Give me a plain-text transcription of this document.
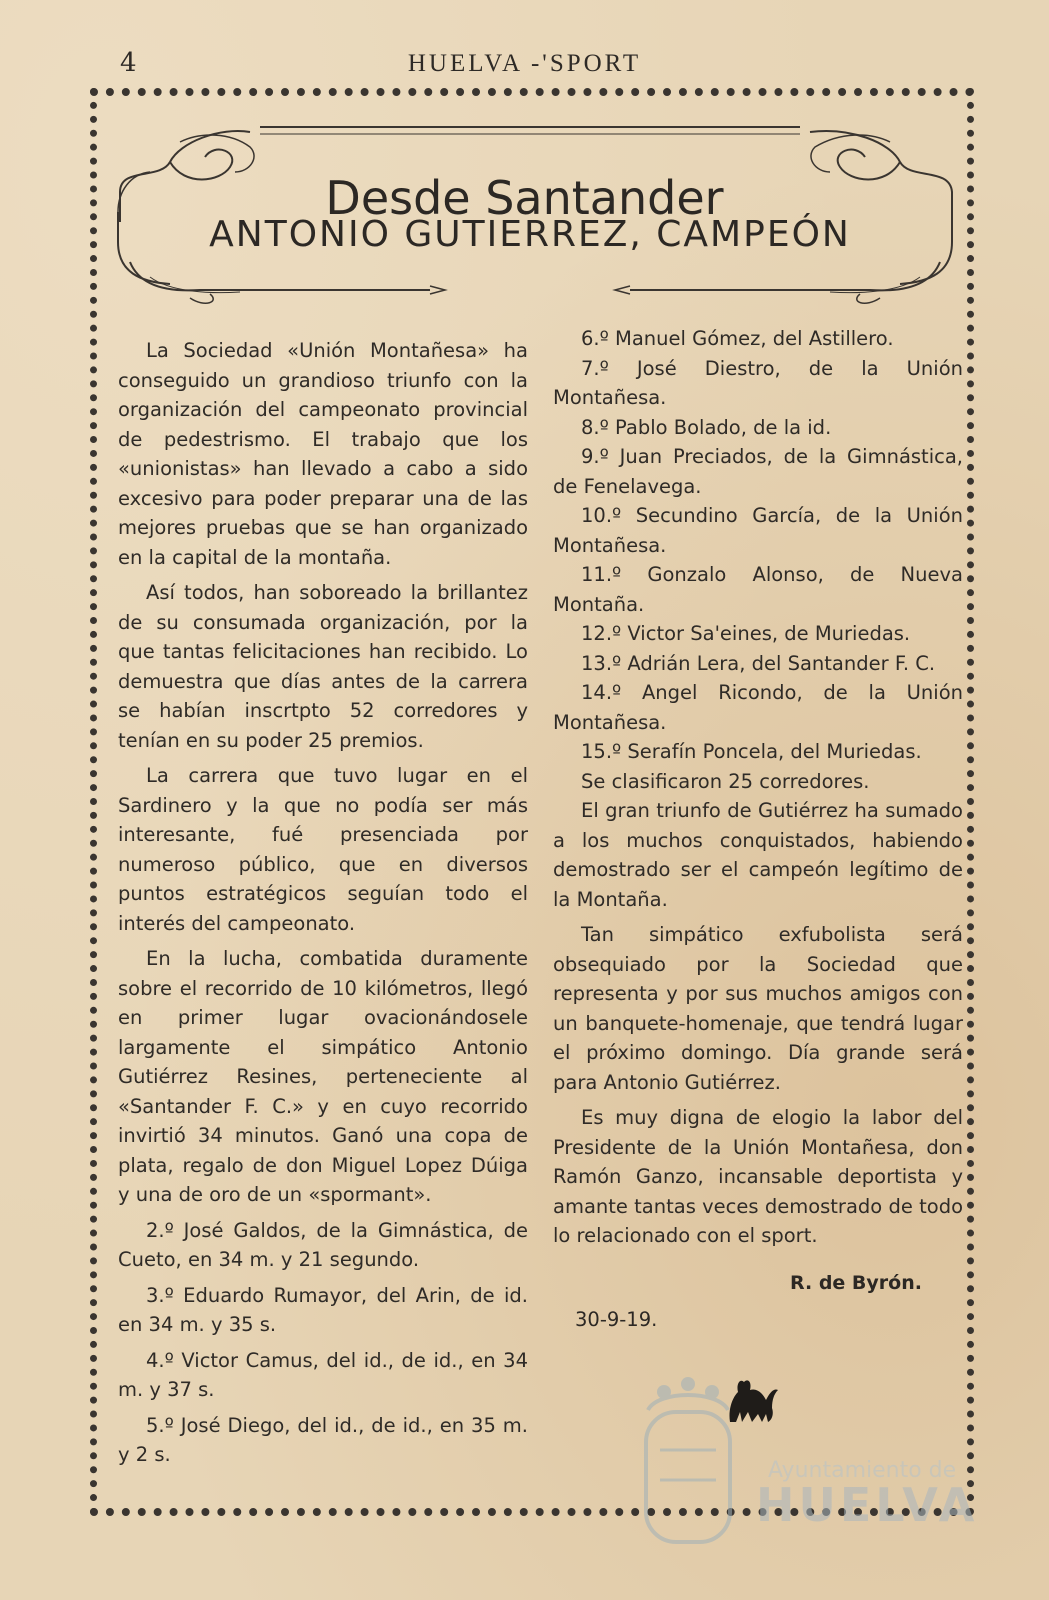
4	HUELVA -'SPORT
Desde Santander
ANTONIO GUTIERREZ, CAMPEÓN

La Sociedad «Unión Montañesa» ha conseguido un grandioso triunfo con la organización del campeonato provincial de pedestrismo. El trabajo que los «unionistas» han llevado a cabo a sido excesivo para poder preparar una de las mejores pruebas que se han organizado en la capital de la montaña.

Así todos, han soboreado la brillantez de su consumada organización, por la que tantas felicitaciones han recibido. Lo demuestra que días antes de la carrera se habían inscrtpto 52 corredores y tenían en su poder 25 premios.

La carrera que tuvo lugar en el Sardinero y la que no podía ser más interesante, fué presenciada por numeroso público, que en diversos puntos estratégicos seguían todo el interés del campeonato.

En la lucha, combatida duramente sobre el recorrido de 10 kilómetros, llegó en primer lugar ovacionándosele largamente el simpático Antonio Gutiérrez Resines, perteneciente al «Santander F. C.» y en cuyo recorrido invirtió 34 minutos. Ganó una copa de plata, regalo de don Miguel Lopez Dúiga y una de oro de un «spormant».

2.º José Galdos, de la Gimnástica, de Cueto, en 34 m. y 21 segundo.

3.º Eduardo Rumayor, del Arin, de id. en 34 m. y 35 s.

4.º Victor Camus, del id., de id., en 34 m. y 37 s.

5.º José Diego, del id., de id., en 35 m. y 2 s.

6.º Manuel Gómez, del Astillero.

7.º José Diestro, de la Unión Montañesa.

8.º Pablo Bolado, de la id.

9.º Juan Preciados, de la Gimnástica, de Fenelavega.

10.º Secundino García, de la Unión Montañesa.

11.º Gonzalo Alonso, de Nueva Montaña.

12.º Victor Sa'eines, de Muriedas.

13.º Adrián Lera, del Santander F. C.

14.º Angel Ricondo, de la Unión Montañesa.

15.º Serafín Poncela, del Muriedas.

Se clasificaron 25 corredores.

El gran triunfo de Gutiérrez ha sumado a los muchos conquistados, habiendo demostrado ser el campeón legítimo de la Montaña.

Tan simpático exfubolista será obsequiado por la Sociedad que representa y por sus muchos amigos con un banquete-homenaje, que tendrá lugar el próximo domingo. Día grande será para Antonio Gutiérrez.

Es muy digna de elogio la labor del Presidente de la Unión Montañesa, don Ramón Ganzo, incansable deportista y amante tantas veces demostrado de todo lo relacionado con el sport.

R. de Byrón.
30-9-19.
Ayuntamiento de
HUELVA
